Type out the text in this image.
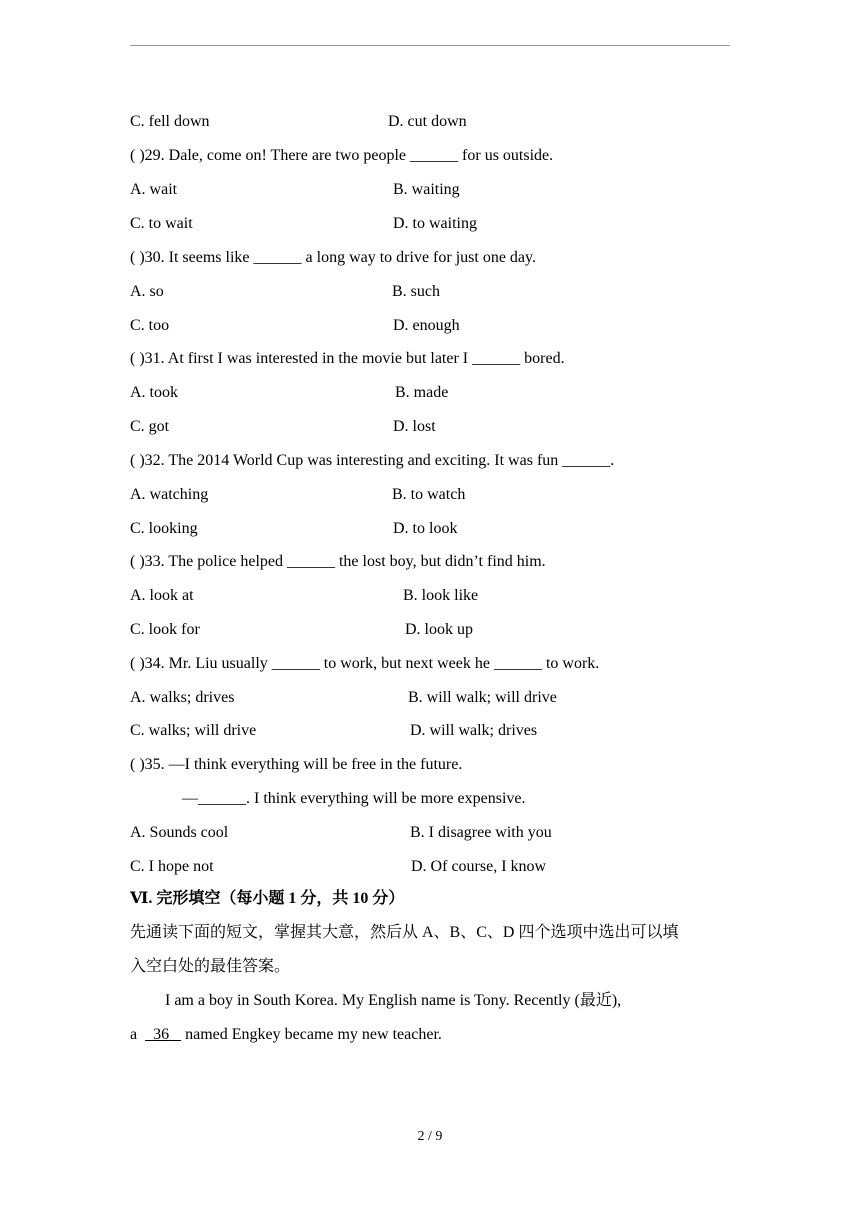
C. fell down	D. cut down
( )29. Dale, come on! There are two people ______ for us outside.
A. wait	B. waiting
C. to wait	D. to waiting
( )30. It seems like ______ a long way to drive for just one day.
A. so	B. such
C. too	D. enough
( )31. At first I was interested in the movie but later I ______ bored.
A. took	B. made
C. got	D. lost
( )32. The 2014 World Cup was interesting and exciting. It was fun ______.
A. watching	B. to watch
C. looking	D. to look
( )33. The police helped ______ the lost boy, but didn’t find him.
A. look at	B. look like
C. look for	D. look up
( )34. Mr. Liu usually ______ to work, but next week he ______ to work.
A. walks; drives	B. will walk; will drive
C. walks; will drive	D. will walk; drives
( )35. —I think everything will be free in the future.
—______. I think everything will be more expensive.
A. Sounds cool	B. I disagree with you
C. I hope not	D. Of course, I know
Ⅵ. 完形填空（每小题 1 分，共 10 分）
先通读下面的短文，掌握其大意，然后从 A、B、C、D 四个选项中选出可以填
入空白处的最佳答案。
I am a boy in South Korea. My English name is Tony. Recently (最近),
a 36 named Engkey became my new teacher.
2 / 9
